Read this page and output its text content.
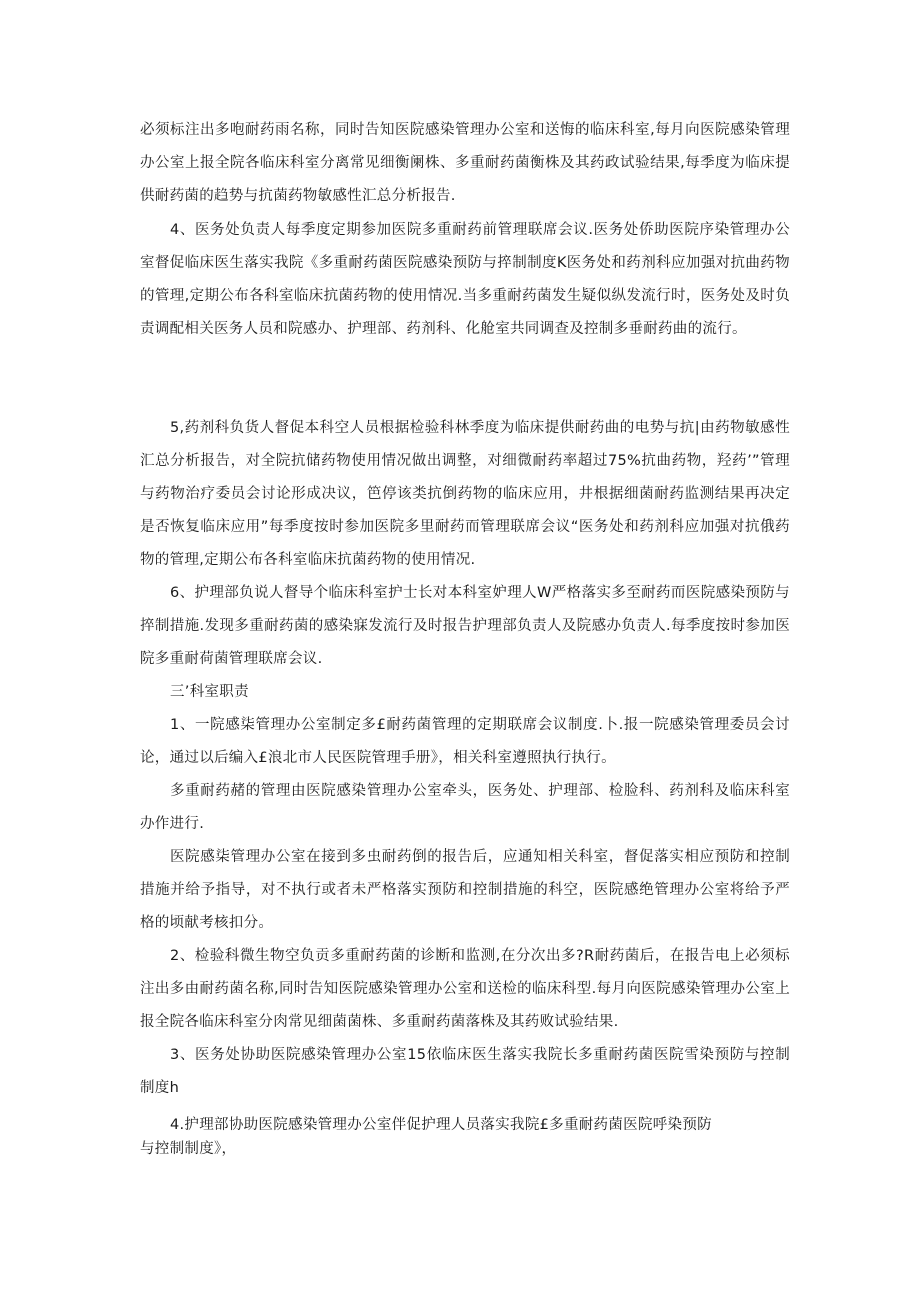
必须标注出多咆耐药雨名称，同时告知医院感染管理办公室和送悔的临床科室,每月向医院感染管理办公室上报全院各临床科室分离常见细衡阑株、多重耐药菌衡株及其药政试验结果,每季度为临床提供耐药菌的趋势与抗菌药物敏感性汇总分析报告.

4、医务处负责人每季度定期参加医院多重耐药前管理联席会议.医务处侨助医院序染管理办公室督促临床医生落实我院《多重耐药菌医院感染预防与捽制制度K医务处和药剂科应加强对抗曲药物的管理,定期公布各科室临床抗菌药物的使用情况.当多重耐药菌发生疑似纵发流行时，医务处及时负责调配相关医务人员和院感办、护理部、药剂科、化舱室共同调查及控制多垂耐药曲的流行。

5,药剂科负货人督促本科空人员根据检验科林季度为临床提供耐药曲的电势与抗|由药物敏感性汇总分析报告，对全院抗储药物使用情况做出调整，对细微耐药率超过75%抗曲药物，羟药’”管理与药物治疗委员会讨论形成决议，笆停该类抗倒药物的临床应用，井根据细菌耐药监测结果再决定是否恢复临床应用”每季度按时参加医院多里耐药而管理联席会议“医务处和药剂科应加强对抗俄药物的管理,定期公布各科室临床抗菌药物的使用情况.

6、护理部负说人督导个临床科室护士长对本科室妒理人W严格落实多至耐药而医院感染预防与捽制措施.发现多重耐药菌的感染寐发流行及时报告护理部负责人及院感办负责人.每季度按时参加医院多重耐荷菌管理联席会议.

三’科室职责

1、一院感柒管理办公室制定多£耐药菌管理的定期联席会议制度.卜.报一院感染管理委员会讨论，通过以后编入£浪北市人民医院管理手册》，相关科室遵照执行执行。

多重耐药赭的管理由医院感染管理办公室牵头，医务处、护理部、检脸科、药剂科及临床科室办作进行.

医院感柒管理办公室在接到多虫耐药倒的报告后，应通知相关科室，督促落实相应预防和控制措施并给予指导，对不执行或者未严格落实预防和控制措施的科空，医院感绝管理办公室将给予严格的顷献考核扣分。

2、检验科微生物空负贡多重耐药菌的诊断和监测,在分次出多?R耐药菌后，在报告电上必须标注出多由耐药菌名称,同时告知医院感染管理办公室和送检的临床科型.每月向医院感染管理办公室上报全院各临床科室分肉常见细菌菌株、多重耐药菌落株及其药败试验结果.

3、医务处协助医院感染管理办公室15依临床医生落实我院长多重耐药菌医院雪染预防与控制制度h

4.护理部协助医院感染管理办公室伴促护理人员落实我院£多重耐药菌医院呼染预防

与控制制度》，
